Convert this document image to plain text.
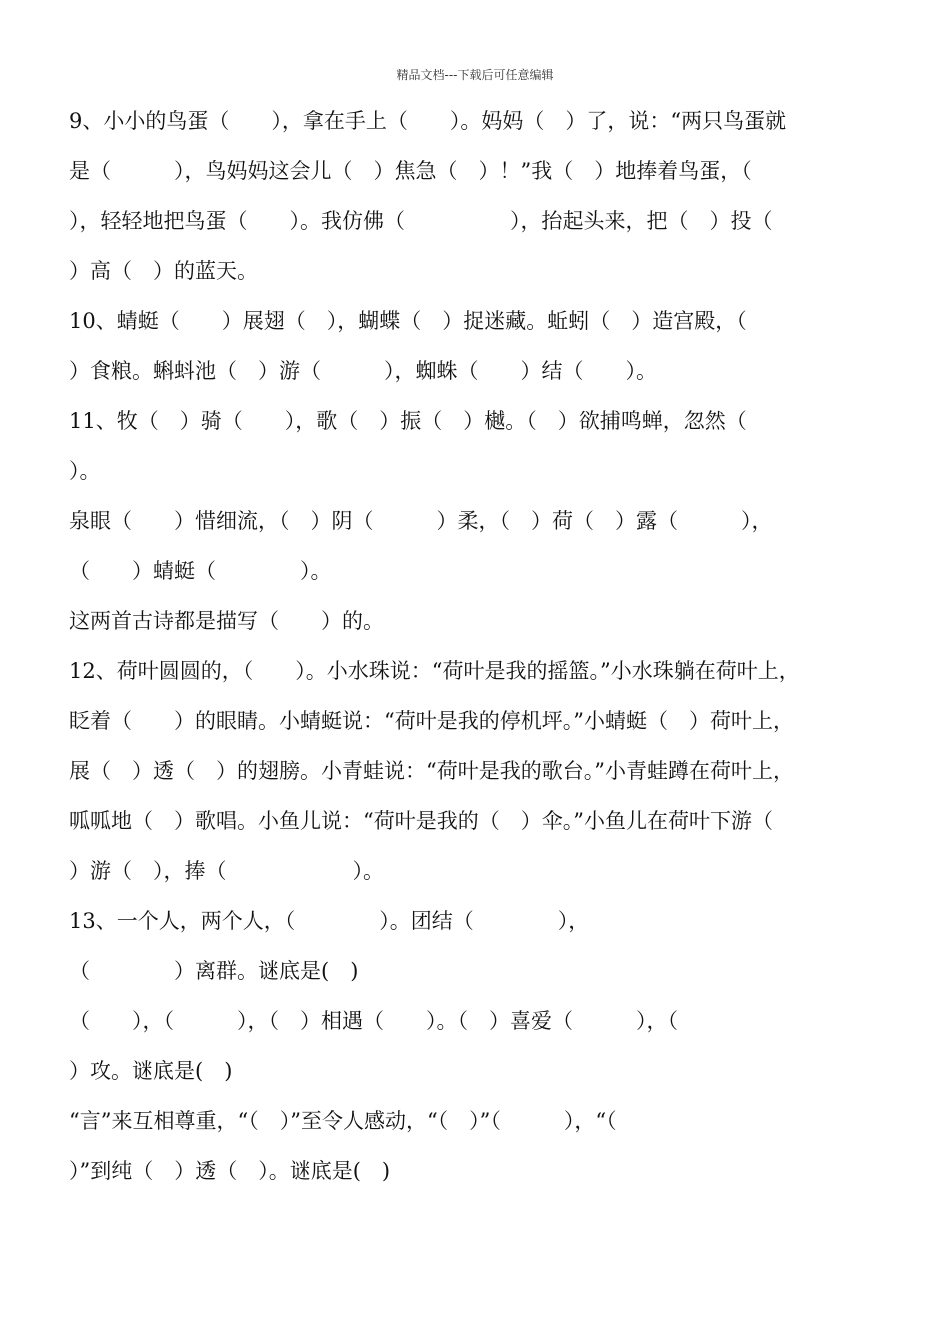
精品文档---下载后可任意编辑
9、小小的鸟蛋（　　），拿在手上（　　）。妈妈（　）了，说：“两只鸟蛋就
是（　　　），鸟妈妈这会儿（　）焦急（　）！”我（　）地捧着鸟蛋，（
），轻轻地把鸟蛋（　　）。我仿佛（　　　　　），抬起头来，把（　）投（
）高（　）的蓝天。
10、蜻蜓（　　）展翅（　），蝴蝶（　）捉迷藏。蚯蚓（　）造宫殿，（
）食粮。蝌蚪池（　）游（　　　），蜘蛛（　　）结（　　）。
11、牧（　）骑（　　），歌（　）振（　）樾。（　）欲捕鸣蝉，忽然（
）。
泉眼（　　）惜细流，（　）阴（　　　）柔，（　）荷（　）露（　　　），
（　　）蜻蜓（　　　　）。
这两首古诗都是描写（　　）的。
12、荷叶圆圆的，（　　）。小水珠说：“荷叶是我的摇篮。”小水珠躺在荷叶上，
眨着（　　）的眼睛。小蜻蜓说：“荷叶是我的停机坪。”小蜻蜓（　）荷叶上，
展（　）透（　）的翅膀。小青蛙说：“荷叶是我的歌台。”小青蛙蹲在荷叶上，
呱呱地（　）歌唱。小鱼儿说：“荷叶是我的（　）伞。”小鱼儿在荷叶下游（
）游（　），捧（　　　　　　）。
13、一个人，两个人，（　　　　）。团结（　　　　），
（　　　　）离群。谜底是(　)
（　　），（　　　），（　）相遇（　　）。（　）喜爱（　　　），（
）攻。谜底是(　)
“言”来互相尊重，“（　）”至令人感动，“（　）”（　　　），“（
）”到纯（　）透（　）。谜底是(　)
